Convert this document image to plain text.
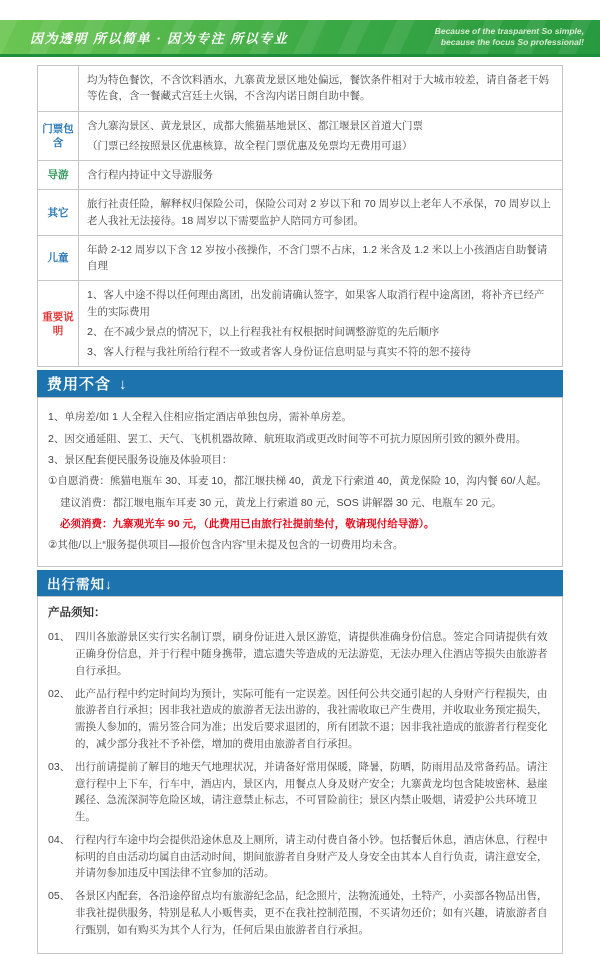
因为透明 所以简单 · 因为专注 所以专业	Because of the trasparent So simple,
because the focus So professional!

	均为特色餐饮，不含饮料酒水，九寨黄龙景区地处偏远，餐饮条件相对于大城市较差，请自备老干妈等佐食，含一餐藏式宫廷土火锅，不含沟内诺日朗自助中餐。

门票包含	含九寨沟景区、黄龙景区，成都大熊猫基地景区、都江堰景区首道大门票
（门票已经按照景区优惠核算，故全程门票优惠及免票均无费用可退）

导游	含行程内持证中文导游服务

其它	旅行社责任险，解释权归保险公司，保险公司对 2 岁以下和 70 周岁以上老年人不承保，70 周岁以上老人我社无法接待。18 周岁以下需要监护人陪同方可参团。

儿童	年龄 2-12 周岁以下含 12 岁按小孩操作，不含门票不占床，1.2 米含及 1.2 米以上小孩酒店自助餐请自理

重要说明	1、客人中途不得以任何理由离团，出发前请确认签字，如果客人取消行程中途离团，将补齐已经产生的实际费用
2、在不减少景点的情况下，以上行程我社有权根据时间调整游览的先后顺序
3、客人行程与我社所给行程不一致或者客人身份证信息明显与真实不符的恕不接待
费用不含 ↓
1、单房差/如 1 人全程入住相应指定酒店单独包房，需补单房差。
2、因交通延阻、罢工、天气、飞机机器故障、航班取消或更改时间等不可抗力原因所引致的额外费用。
3、景区配套便民服务设施及体验项目：
①自愿消费：熊猫电瓶车 30、耳麦 10，都江堰扶梯 40，黄龙下行索道 40，黄龙保险 10，沟内餐 60/人起。
建议消费：都江堰电瓶车耳麦 30 元，黄龙上行索道 80 元，SOS 讲解器 30 元、电瓶车 20 元。
必须消费：九寨观光车 90 元，（此费用已由旅行社提前垫付，敬请现付给导游）。
②其他/以上“服务提供项目—报价包含内容”里未提及包含的一切费用均未含。
出行需知↓
产品须知：
01、 四川各旅游景区实行实名制订票，刷身份证进入景区游览，请提供准确身份信息。签定合同请提供有效正确身份信息，并于行程中随身携带，遗忘遗失等造成的无法游览，无法办理入住酒店等损失由旅游者自行承担。
02、 此产品行程中约定时间均为预计，实际可能有一定误差。因任何公共交通引起的人身财产行程损失，由旅游者自行承担；因非我社造成的旅游者无法出游的，我社需收取已产生费用，并收取业务预定损失，需换人参加的，需另签合同为准；出发后要求退团的，所有团款不退；因非我社造成的旅游者行程变化的，减少部分我社不予补偿，增加的费用由旅游者自行承担。
03、 出行前请提前了解目的地天气地理状况，并请备好常用保暖，降暑，防晒，防雨用品及常备药品。请注意行程中上下车，行车中，酒店内，景区内，用餐点人身及财产安全；九寨黄龙均包含陡坡密林、悬崖蹊径、急流深洞等危险区域，请注意禁止标志，不可冒险前往；景区内禁止吸烟，请爱护公共环境卫生。
04、 行程内行车途中均会提供沿途休息及上厕所，请主动付费自备小钞。包括餐后休息，酒店休息，行程中标明的自由活动均属自由活动时间，期间旅游者自身财产及人身安全由其本人自行负责，请注意安全，并请勿参加违反中国法律不宜参加的活动。
05、 各景区内配套，各沿途停留点均有旅游纪念品，纪念照片，法物流通处，土特产，小卖部各物品出售，非我社提供服务，特别是私人小贩售卖，更不在我社控制范围，不买请勿还价；如有兴趣，请旅游者自行甄别，如有购买为其个人行为，任何后果由旅游者自行承担。
